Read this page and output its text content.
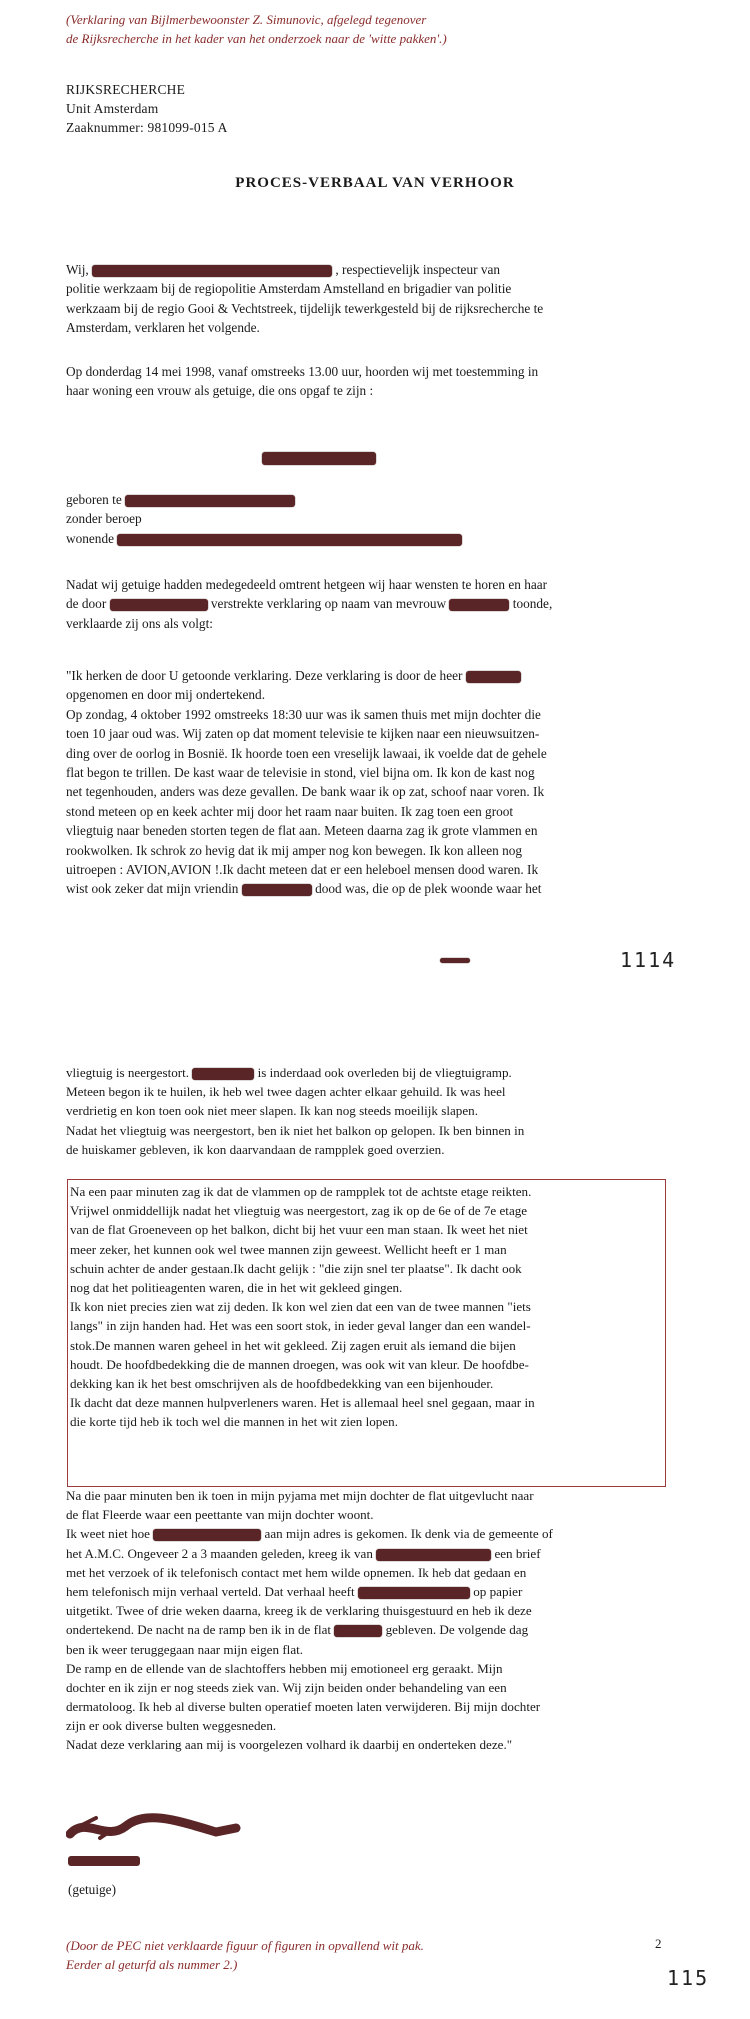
(Verklaring van Bijlmerbewoonster Z. Simunovic, afgelegd tegenover
de Rijksrecherche in het kader van het onderzoek naar de 'witte pakken'.)
RIJKSRECHERCHE
Unit Amsterdam
Zaaknummer: 981099-015 A
PROCES-VERBAAL VAN VERHOOR
Wij,	, respectievelijk inspecteur van
politie werkzaam bij de regiopolitie Amsterdam Amstelland en brigadier van politie
werkzaam bij de regio Gooi & Vechtstreek, tijdelijk tewerkgesteld bij de rijksrecherche te
Amsterdam, verklaren het volgende.
Op donderdag 14 mei 1998, vanaf omstreeks 13.00 uur, hoorden wij met toestemming in
haar woning een vrouw als getuige, die ons opgaf te zijn :
geboren te
zonder beroep
wonende
Nadat wij getuige hadden medegedeeld omtrent hetgeen wij haar wensten te horen en haar
de door	verstrekte verklaring op naam van mevrouw	toonde,
verklaarde zij ons als volgt:
"Ik herken de door U getoonde verklaring. Deze verklaring is door de heer
opgenomen en door mij ondertekend.
Op zondag, 4 oktober 1992 omstreeks 18:30 uur was ik samen thuis met mijn dochter die
toen 10 jaar oud was. Wij zaten op dat moment televisie te kijken naar een nieuwsuitzen-
ding over de oorlog in Bosnië. Ik hoorde toen een vreselijk lawaai, ik voelde dat de gehele
flat begon te trillen. De kast waar de televisie in stond, viel bijna om. Ik kon de kast nog
net tegenhouden, anders was deze gevallen. De bank waar ik op zat, schoof naar voren. Ik
stond meteen op en keek achter mij door het raam naar buiten. Ik zag toen een groot
vliegtuig naar beneden storten tegen de flat aan. Meteen daarna zag ik grote vlammen en
rookwolken. Ik schrok zo hevig dat ik mij amper nog kon bewegen. Ik kon alleen nog
uitroepen : AVION,AVION !.Ik dacht meteen dat er een heleboel mensen dood waren. Ik
wist ook zeker dat mijn vriendin	dood was, die op de plek woonde waar het
1114
vliegtuig is neergestort.	is inderdaad ook overleden bij de vliegtuigramp.
Meteen begon ik te huilen, ik heb wel twee dagen achter elkaar gehuild. Ik was heel
verdrietig en kon toen ook niet meer slapen. Ik kan nog steeds moeilijk slapen.
Nadat het vliegtuig was neergestort, ben ik niet het balkon op gelopen. Ik ben binnen in
de huiskamer gebleven, ik kon daarvandaan de rampplek goed overzien.
Na een paar minuten zag ik dat de vlammen op de rampplek tot de achtste etage reikten.
Vrijwel onmiddellijk nadat het vliegtuig was neergestort, zag ik op de 6e of de 7e etage
van de flat Groeneveen op het balkon, dicht bij het vuur een man staan. Ik weet het niet
meer zeker, het kunnen ook wel twee mannen zijn geweest. Wellicht heeft er 1 man
schuin achter de ander gestaan.Ik dacht gelijk : "die zijn snel ter plaatse". Ik dacht ook
nog dat het politieagenten waren, die in het wit gekleed gingen.
Ik kon niet precies zien wat zij deden. Ik kon wel zien dat een van de twee mannen "iets
langs" in zijn handen had. Het was een soort stok, in ieder geval langer dan een wandel-
stok.De mannen waren geheel in het wit gekleed. Zij zagen eruit als iemand die bijen
houdt. De hoofdbedekking die de mannen droegen, was ook wit van kleur. De hoofdbe-
dekking kan ik het best omschrijven als de hoofdbedekking van een bijenhouder.
Ik dacht dat deze mannen hulpverleners waren. Het is allemaal heel snel gegaan, maar in
die korte tijd heb ik toch wel die mannen in het wit zien lopen.
Na die paar minuten ben ik toen in mijn pyjama met mijn dochter de flat uitgevlucht naar
de flat Fleerde waar een peettante van mijn dochter woont.
Ik weet niet hoe	aan mijn adres is gekomen. Ik denk via de gemeente of
het A.M.C. Ongeveer 2 a 3 maanden geleden, kreeg ik van	een brief
met het verzoek of ik telefonisch contact met hem wilde opnemen. Ik heb dat gedaan en
hem telefonisch mijn verhaal verteld. Dat verhaal heeft	op papier
uitgetikt. Twee of drie weken daarna, kreeg ik de verklaring thuisgestuurd en heb ik deze
ondertekend. De nacht na de ramp ben ik in de flat	gebleven. De volgende dag
ben ik weer teruggegaan naar mijn eigen flat.
De ramp en de ellende van de slachtoffers hebben mij emotioneel erg geraakt. Mijn
dochter en ik zijn er nog steeds ziek van. Wij zijn beiden onder behandeling van een
dermatoloog. Ik heb al diverse bulten operatief moeten laten verwijderen. Bij mijn dochter
zijn er ook diverse bulten weggesneden.
Nadat deze verklaring aan mij is voorgelezen volhard ik daarbij en onderteken deze."
(getuige)
(Door de PEC niet verklaarde figuur of figuren in opvallend wit pak.
Eerder al geturfd als nummer 2.)
2
115
